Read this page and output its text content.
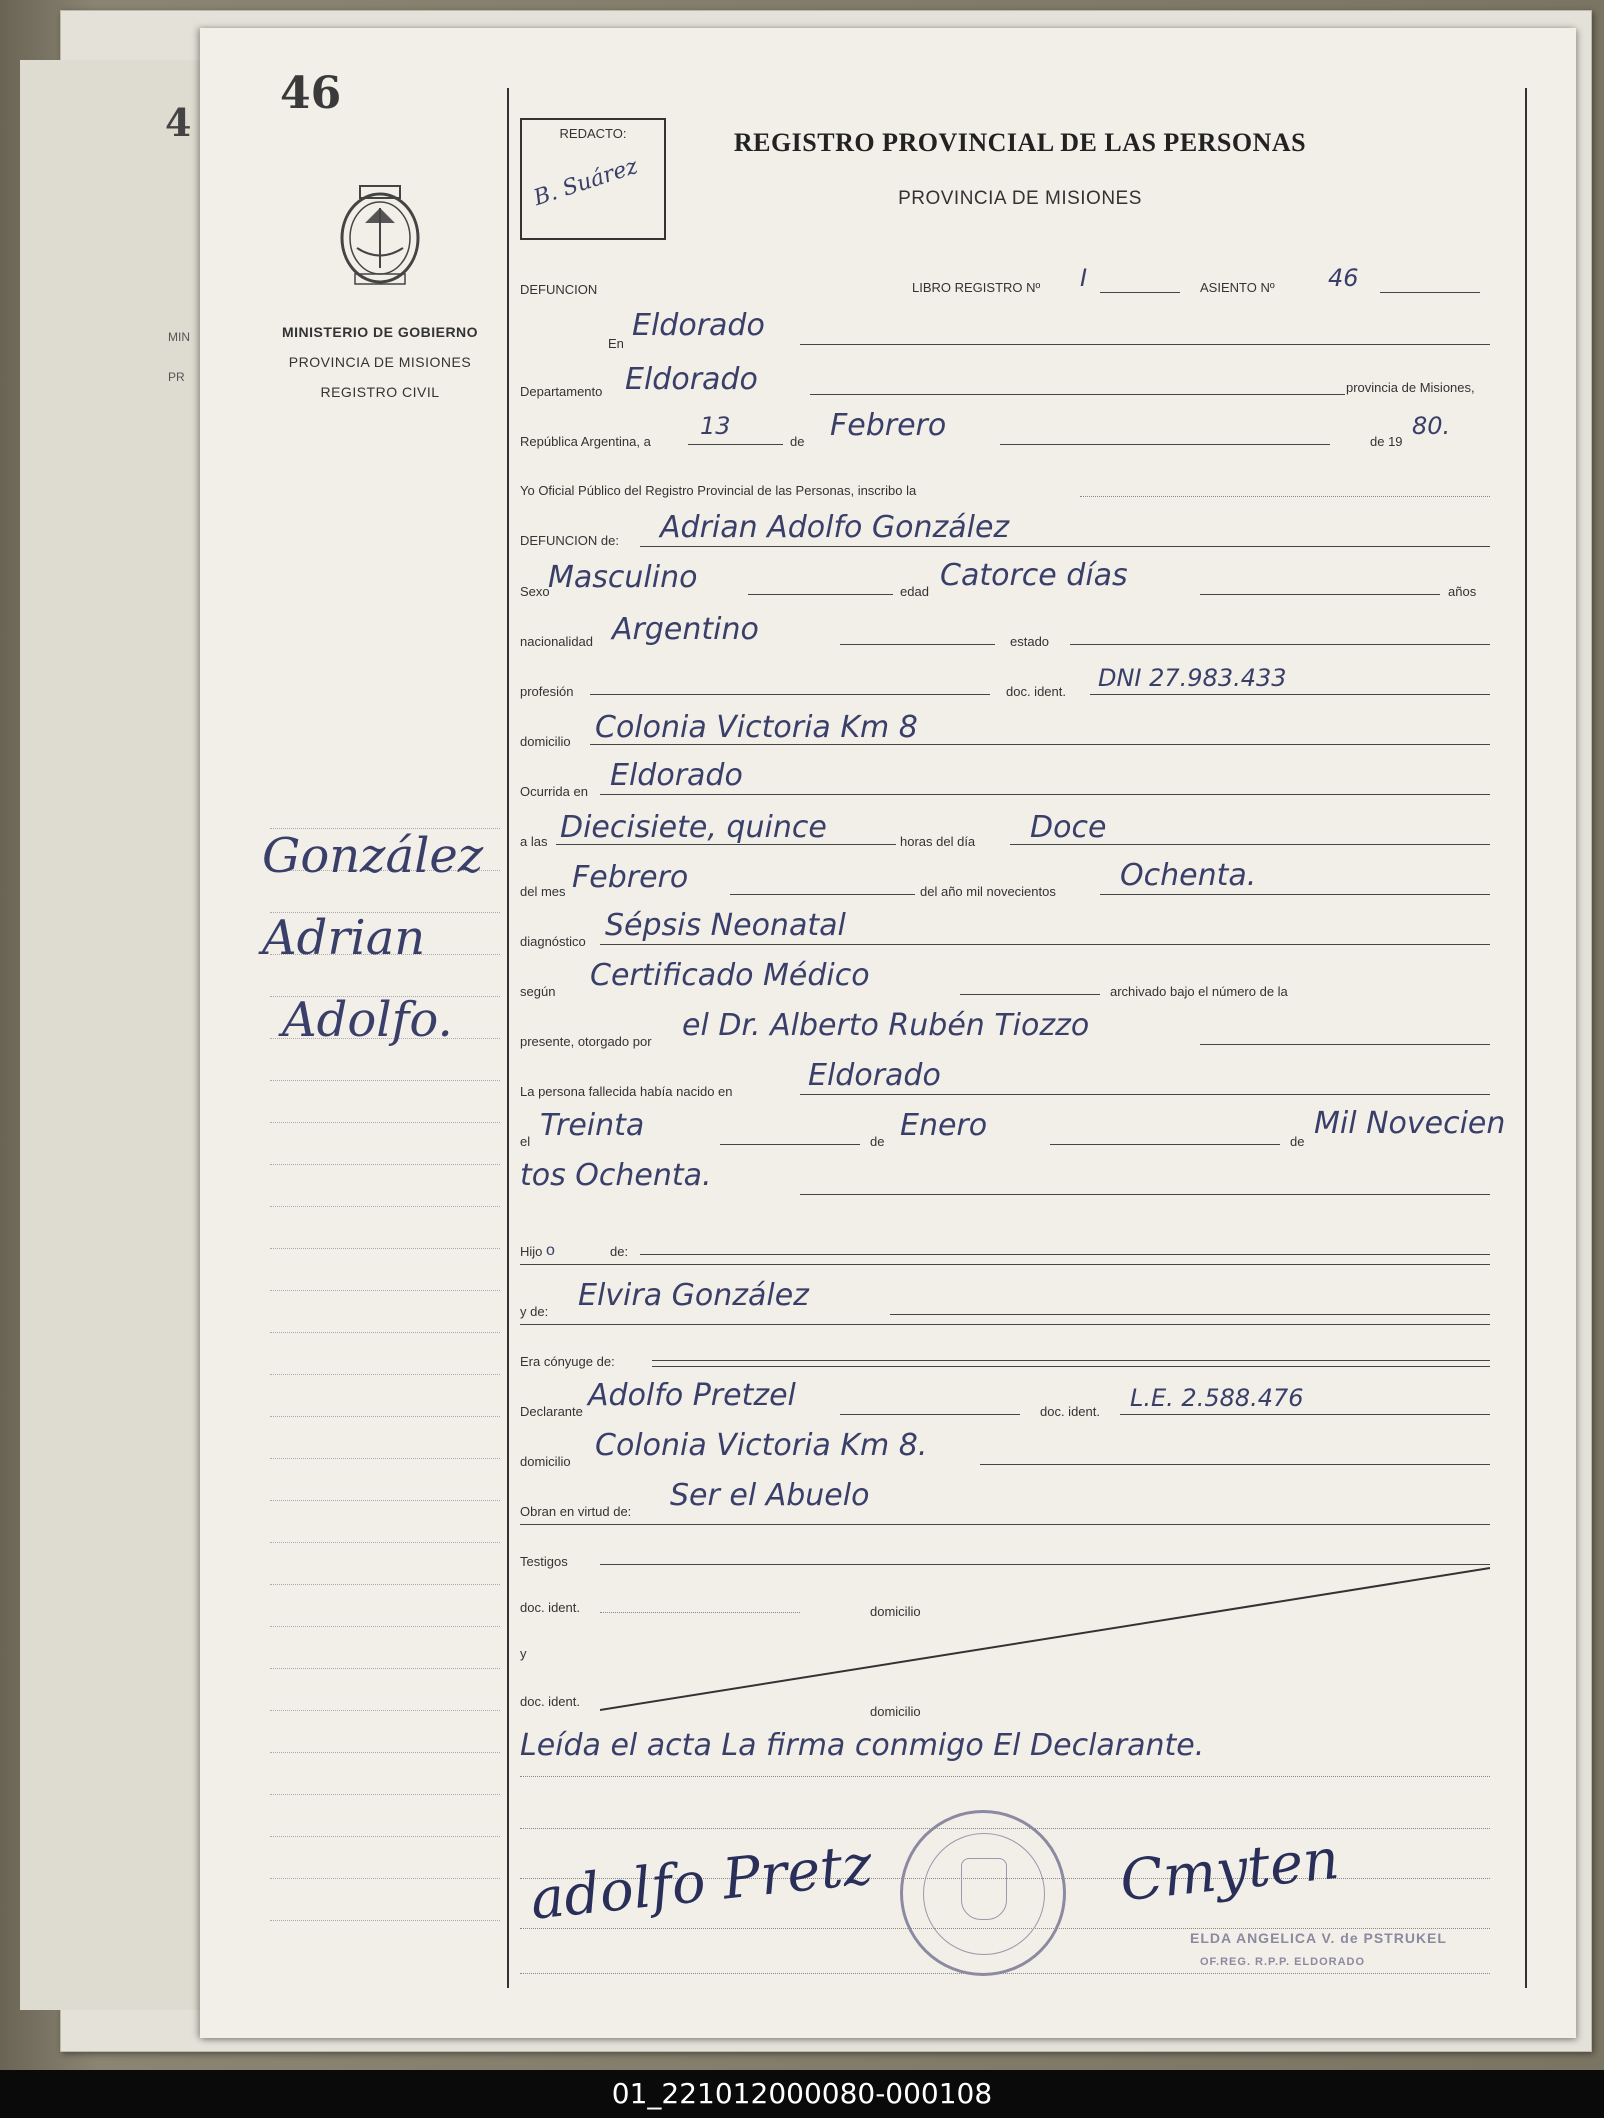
4
MIN
PR
46
MINISTERIO DE GOBIERNO
PROVINCIA DE MISIONES
REGISTRO CIVIL
González
Adrian
Adolfo.
REDACTO:
B. Suárez
REGISTRO PROVINCIAL DE LAS PERSONAS
PROVINCIA DE MISIONES
DEFUNCION	LIBRO REGISTRO Nº I	ASIENTO Nº 46
En
Eldorado
Departamento Eldorado	provincia de Misiones,
República Argentina, a
13
de Febrero	de 19
80.
Yo Oficial Público del Registro Provincial de las Personas, inscribo la
DEFUNCION de: Adrian Adolfo González
Sexo
Masculino	edad Catorce días	años
nacionalidad Argentino	estado
profesión	doc. ident. DNI 27.983.433
domicilio Colonia Victoria Km 8
Ocurrida en Eldorado
a las Diecisiete, quince	horas del día Doce
del mes Febrero	del año mil novecientos Ochenta.
diagnóstico Sépsis Neonatal
según Certificado Médico	archivado bajo el número de la
presente, otorgado por el Dr. Alberto Rubén Tiozzo
La persona fallecida había nacido en	Eldorado
el Treinta	de Enero	de
Mil Novecien
tos Ochenta.
Hijo o	de:
y de: Elvira González
Era cónyuge de:
Declarante Adolfo Pretzel	doc. ident. L.E. 2.588.476
domicilio Colonia Victoria Km 8.
Obran en virtud de: Ser el Abuelo
Testigos
doc. ident.	domicilio
y
doc. ident.
domicilio
Leída el acta La firma conmigo El Declarante.
adolfo Pretz	Cmyten
ELDA ANGELICA V. de PSTRUKEL
OF.REG. R.P.P. ELDORADO
01_221012000080-000108
